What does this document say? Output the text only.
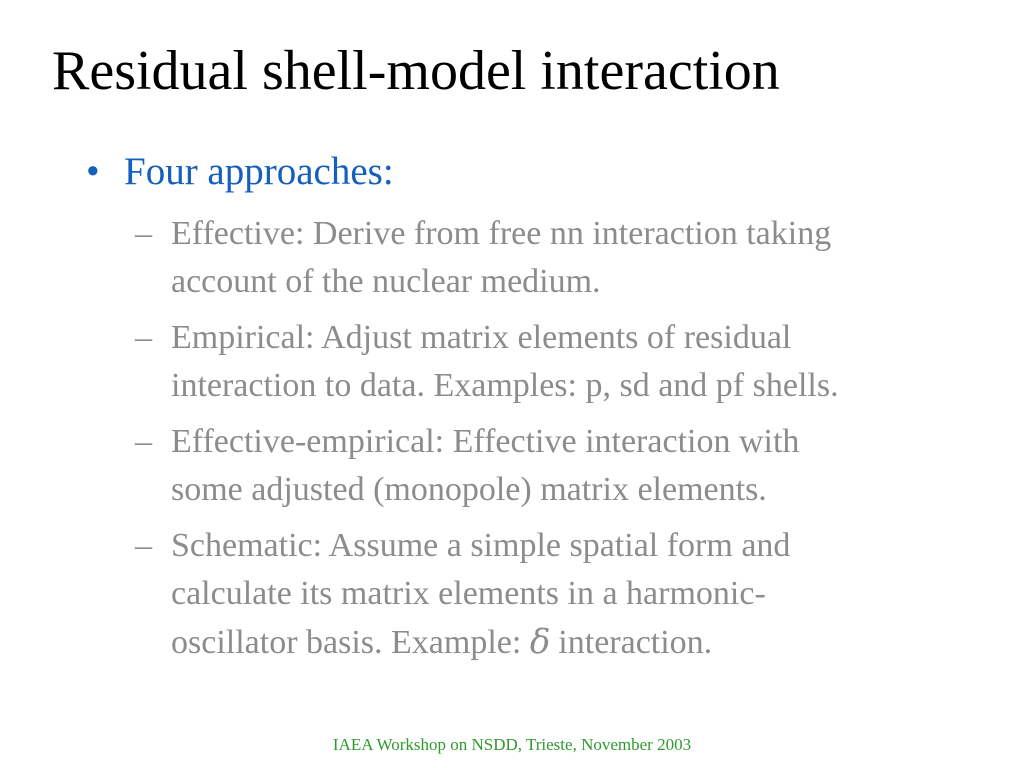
Residual shell-model interaction
• Four approaches:
– Effective: Derive from free nn interaction taking
account of the nuclear medium.
– Empirical: Adjust matrix elements of residual
interaction to data. Examples: p, sd and pf shells.
– Effective-empirical: Effective interaction with
some adjusted (monopole) matrix elements.
– Schematic: Assume a simple spatial form and
calculate its matrix elements in a harmonic-
oscillator basis. Example: δ interaction.
IAEA Workshop on NSDD, Trieste, November 2003
